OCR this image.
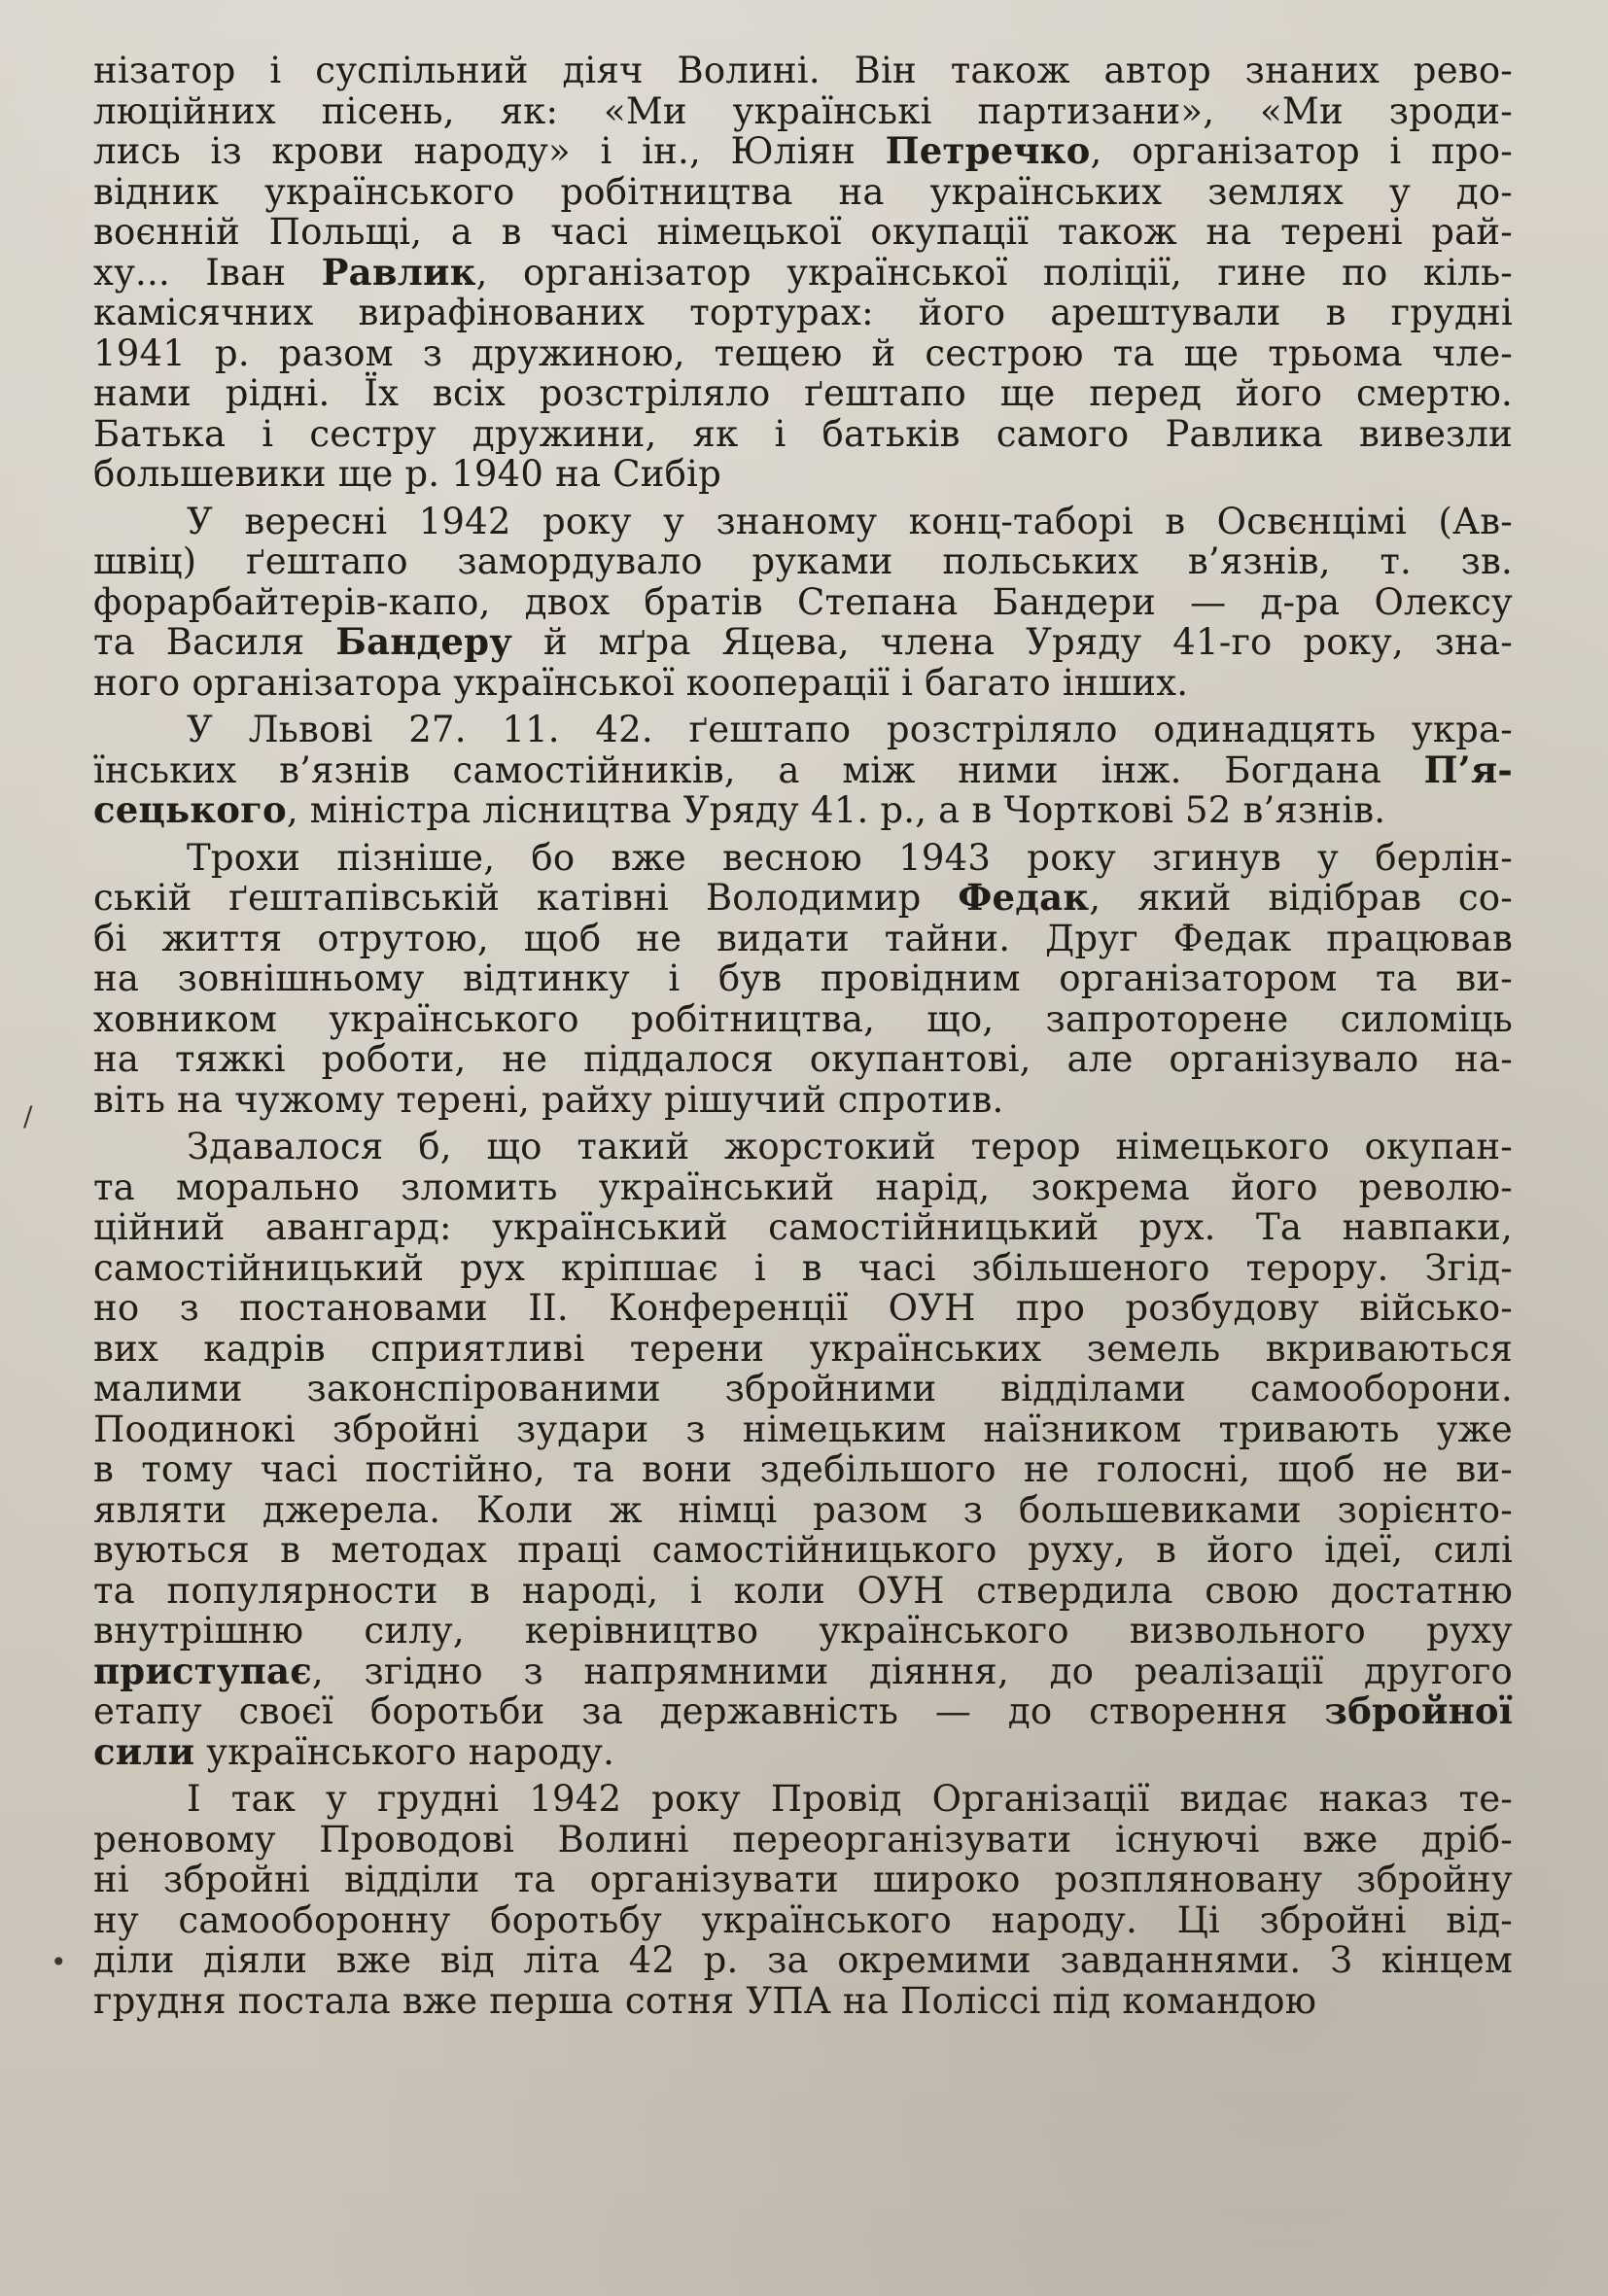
нізатор і суспільний діяч Волині. Він також автор знаних рево-
люційних пісень, як: «Ми українські партизани», «Ми зроди-
лись із крови народу» і ін., Юліян Петречко, організатор і про-
відник українського робітництва на українських землях у до-
воєнній Польщі, а в часі німецької окупації також на терені рай-
ху... Іван Равлик, організатор української поліції, гине по кіль-
камісячних вирафінованих тортурах: його арештували в грудні
1941 р. разом з дружиною, тещею й сестрою та ще трьома чле-
нами рідні. Їх всіх розстріляло ґештапо ще перед його смертю.
Батька і сестру дружини, як і батьків самого Равлика вивезли
большевики ще р. 1940 на Сибір
У вересні 1942 року у знаному конц-таборі в Освєнцімі (Ав-
швіц) ґештапо замордувало руками польських в’язнів, т. зв.
форарбайтерів-капо, двох братів Степана Бандери — д-ра Олексу
та Василя Бандеру й мґра Яцева, члена Уряду 41-го року, зна-
ного організатора української кооперації і багато інших.
У Львові 27. 11. 42. ґештапо розстріляло одинадцять укра-
їнських в’язнів самостійників, а між ними інж. Богдана П’я-
сецького, міністра лісництва Уряду 41. р., а в Чорткові 52 в’язнів.
Трохи пізніше, бо вже весною 1943 року згинув у берлін-
ській ґештапівській катівні Володимир Федак, який відібрав со-
бі життя отрутою, щоб не видати тайни. Друг Федак працював
на зовнішньому відтинку і був провідним організатором та ви-
ховником українського робітництва, що, запроторене силоміць
на тяжкі роботи, не піддалося окупантові, але організувало на-
віть на чужому терені, райху рішучий спротив.
Здавалося б, що такий жорстокий терор німецького окупан-
та морально зломить український нарід, зокрема його револю-
ційний авангард: український самостійницький рух. Та навпаки,
самостійницький рух кріпшає і в часі збільшеного терору. Згід-
но з постановами II. Конференції ОУН про розбудову військо-
вих кадрів сприятливі терени українських земель вкриваються
малими законспірованими збройними відділами самооборони.
Поодинокі збройні зудари з німецьким наїзником тривають уже
в тому часі постійно, та вони здебільшого не голосні, щоб не ви-
являти джерела. Коли ж німці разом з большевиками зорієнто-
вуються в методах праці самостійницького руху, в його ідеї, силі
та популярности в народі, і коли ОУН ствердила свою достатню
внутрішню силу, керівництво українського визвольного руху
приступає, згідно з напрямними діяння, до реалізації другого
етапу своєї боротьби за державність — до створення збройної
сили українського народу.
І так у грудні 1942 року Провід Організації видає наказ те-
реновому Проводові Волині переорганізувати існуючі вже дріб-
ні збройні відділи та організувати широко розплянованy збройну
ну самооборонну боротьбу українського народу. Ці збройні від-
діли діяли вже від літа 42 р. за окремими завданнями. З кінцем
грудня постала вже перша сотня УПА на Поліссі під командою
/
•
